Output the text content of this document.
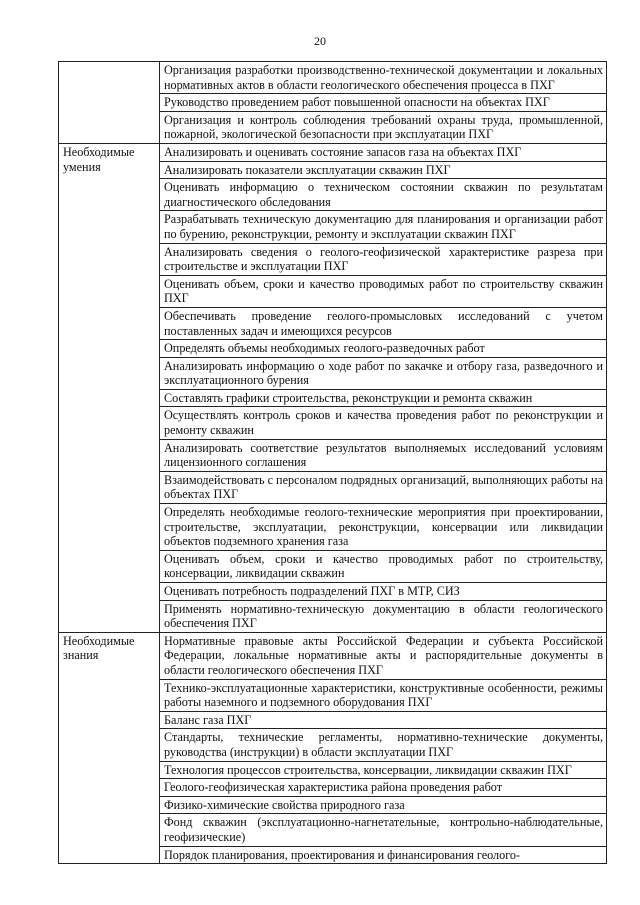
20
	Организация разработки производственно-технической документации и локальных нормативных актов в области геологического обеспечения процесса в ПХГ
	Руководство проведением работ повышенной опасности на объектах ПХГ
	Организация и контроль соблюдения требований охраны труда, промышленной, пожарной, экологической безопасности при эксплуатации ПХГ
Необходимые умения	Анализировать и оценивать состояние запасов газа на объектах ПХГ
	Анализировать показатели эксплуатации скважин ПХГ
	Оценивать информацию о техническом состоянии скважин по результатам диагностического обследования
	Разрабатывать техническую документацию для планирования и организации работ по бурению, реконструкции, ремонту и эксплуатации скважин ПХГ
	Анализировать сведения о геолого-геофизической характеристике разреза при строительстве и эксплуатации ПХГ
	Оценивать объем, сроки и качество проводимых работ по строительству скважин ПХГ
	Обеспечивать проведение геолого-промысловых исследований с учетом поставленных задач и имеющихся ресурсов
	Определять объемы необходимых геолого-разведочных работ
	Анализировать информацию о ходе работ по закачке и отбору газа, разведочного и эксплуатационного бурения
	Составлять графики строительства, реконструкции и ремонта скважин
	Осуществлять контроль сроков и качества проведения работ по реконструкции и ремонту скважин
	Анализировать соответствие результатов выполняемых исследований условиям лицензионного соглашения
	Взаимодействовать с персоналом подрядных организаций, выполняющих работы на объектах ПХГ
	Определять необходимые геолого-технические мероприятия при проектировании, строительстве, эксплуатации, реконструкции, консервации или ликвидации объектов подземного хранения газа
	Оценивать объем, сроки и качество проводимых работ по строительству, консервации, ликвидации скважин
	Оценивать потребность подразделений ПХГ в МТР, СИЗ
	Применять нормативно-техническую документацию в области геологического обеспечения ПХГ
Необходимые знания	Нормативные правовые акты Российской Федерации и субъекта Российской Федерации, локальные нормативные акты и распорядительные документы в области геологического обеспечения ПХГ
	Технико-эксплуатационные характеристики, конструктивные особенности, режимы работы наземного и подземного оборудования ПХГ
	Баланс газа ПХГ
	Стандарты, технические регламенты, нормативно-технические документы, руководства (инструкции) в области эксплуатации ПХГ
	Технология процессов строительства, консервации, ликвидации скважин ПХГ
	Геолого-геофизическая характеристика района проведения работ
	Физико-химические свойства природного газа
	Фонд скважин (эксплуатационно-нагнетательные, контрольно-наблюдательные, геофизические)
	Порядок планирования, проектирования и финансирования геолого-
